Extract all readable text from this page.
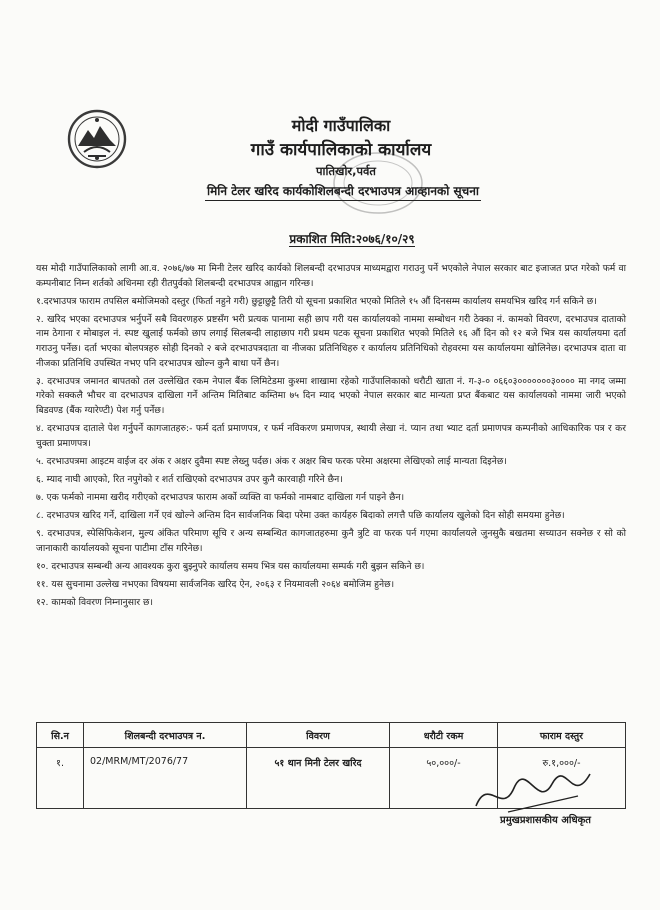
मोदी गाउँपालिका
गाउँ कार्यपालिकाको कार्यालय
पातिखोर,पर्वत
मिनि टेलर खरिद कार्यकोशिलबन्दी दरभाउपत्र आव्हानको सूचना
प्रकाशित मिति:२०७६/१०/२९

यस मोदी गाउँपालिकाको लागी आ.व. २०७६/७७ मा मिनी टेलर खरिद कार्यको शिलबन्दी दरभाउपत्र माध्यमद्वारा गराउनु पर्ने भएकोले नेपाल सरकार बाट इजाजत प्रप्त गरेको फर्म वा कम्पनीबाट निम्न शर्तको अधिनमा रही रीतपुर्वको शिलबन्दी दरभाउपत्र आह्वान गरिन्छ।

१.दरभाउपत्र फाराम तपसिल बमोजिमको दस्तुर (फिर्ता नहुने गरी) छुट्टाछुट्टै तिरी यो सूचना प्रकाशित भएको मितिले १५ औं दिनसम्म कार्यालय समयभित्र खरिद गर्न सकिने छ।

२. खरिद भएका दरभाउपत्र भर्नुपर्ने सबै विवरणहरु प्रष्टसँग भरी प्रत्यक पानामा सही छाप गरी यस कार्यालयको नाममा सम्बोधन गरी ठेक्का नं. कामको विवरण, दरभाउपत्र दाताको नाम ठेगाना र मोबाइल नं. स्पष्ट खुलाई फर्मको छाप लगाई सिलबन्दी लाहाछाप गरी प्रथम पटक सूचना प्रकाशित भएको मितिले १६ औं दिन को १२ बजे भित्र यस कार्यालयमा दर्ता गराउनु पर्नेछ। दर्ता भएका बोलपत्रहरु सोही दिनको २ बजे दरभाउपत्रदाता वा नीजका प्रतिनिधिहरु र कार्यालय प्रतिनिधिको रोहवरमा यस कार्यालयमा खोलिनेछ। दरभाउपत्र दाता वा नीजका प्रतिनिधि उपस्थित नभए पनि दरभाउपत्र खोल्न कुनै बाधा पर्ने छैन।

३. दरभाउपत्र जमानत बापतको तल उल्लेखित रकम नेपाल बैंक लिमिटेडमा कुश्मा शाखामा रहेको गाउँपालिकाको धरौटी खाता नं. ग-३-० ०६६०३०००००००३०००० मा नगद जम्मा गरेको सक्कलै भौचर वा दरभाउपत्र दाखिला गर्ने अन्तिम मितिबाट कम्तिमा ७५ दिन म्याद भएको नेपाल सरकार बाट मान्यता प्रप्त बैंकबाट यस कार्यालयको नाममा जारी भएको बिडवण्ड (बैंक ग्यारेण्टी) पेश गर्नु पर्नेछ।

४. दरभाउपत्र दाताले पेश गर्नुपर्ने कागजातहरु:- फर्म दर्ता प्रमाणपत्र, र फर्म नविकरण प्रमाणपत्र, स्थायी लेखा नं. प्यान तथा भ्याट दर्ता प्रमाणपत्र कम्पनीको आधिकारिक पत्र र कर चुक्ता प्रमाणपत्र।

५. दरभाउपत्रमा आइटम वाईज दर अंक र अक्षर दुवैमा स्पष्ट लेख्नु पर्दछ। अंक र अक्षर बिच फरक परेमा अक्षरमा लेखिएको लाई मान्यता दिइनेछ।

६. म्याद नाघी आएको, रित नपुगेको र शर्त राखिएको दरभाउपत्र उपर कुनै कारवाही गरिने छैन।

७. एक फर्मको नाममा खरीद गरीएको दरभाउपत्र फाराम अर्को व्यक्ति वा फर्मको नामबाट दाखिला गर्न पाइने छैन।

८. दरभाउपत्र खरिद गर्ने, दाखिला गर्ने एवं खोल्ने अन्तिम दिन सार्वजनिक बिदा परेमा उक्त कार्यहरु बिदाको लगत्तै पछि कार्यालय खुलेको दिन सोही समयमा हुनेछ।

९. दरभाउपत्र, स्पेसिफिकेशन, मुल्य अंकित परिमाण सूचि र अन्य सम्बन्धित कागजातहरुमा कुनै त्रुटि वा फरक पर्न गएमा कार्यालयले जुनसुकै बखतमा सच्याउन सक्नेछ र सो को जानाकारी कार्यालयको सूचना पाटीमा टाँस गरिनेछ।

१०. दरभाउपत्र सम्बन्धी अन्य आवश्यक कुरा बुझ्नुपरे कार्यालय समय भित्र यस कार्यालयमा सम्पर्क गरी बुझन सकिने छ।

११. यस सुचनामा उल्लेख नभएका विषयमा सार्वजनिक खरिद ऐन, २०६३ र नियमावली २०६४ बमोजिम हुनेछ।

१२. कामको विवरण निम्नानुसार छ।

सि.न	शिलबन्दी दरभाउपत्र न.	विवरण	धरौटी रकम	फाराम दस्तुर
१.	02/MRM/MT/2076/77	५१ थान मिनी टेलर खरिद	५०,०००/-	रु.१,०००/-
प्रमुखप्रशासकीय अधिकृत
